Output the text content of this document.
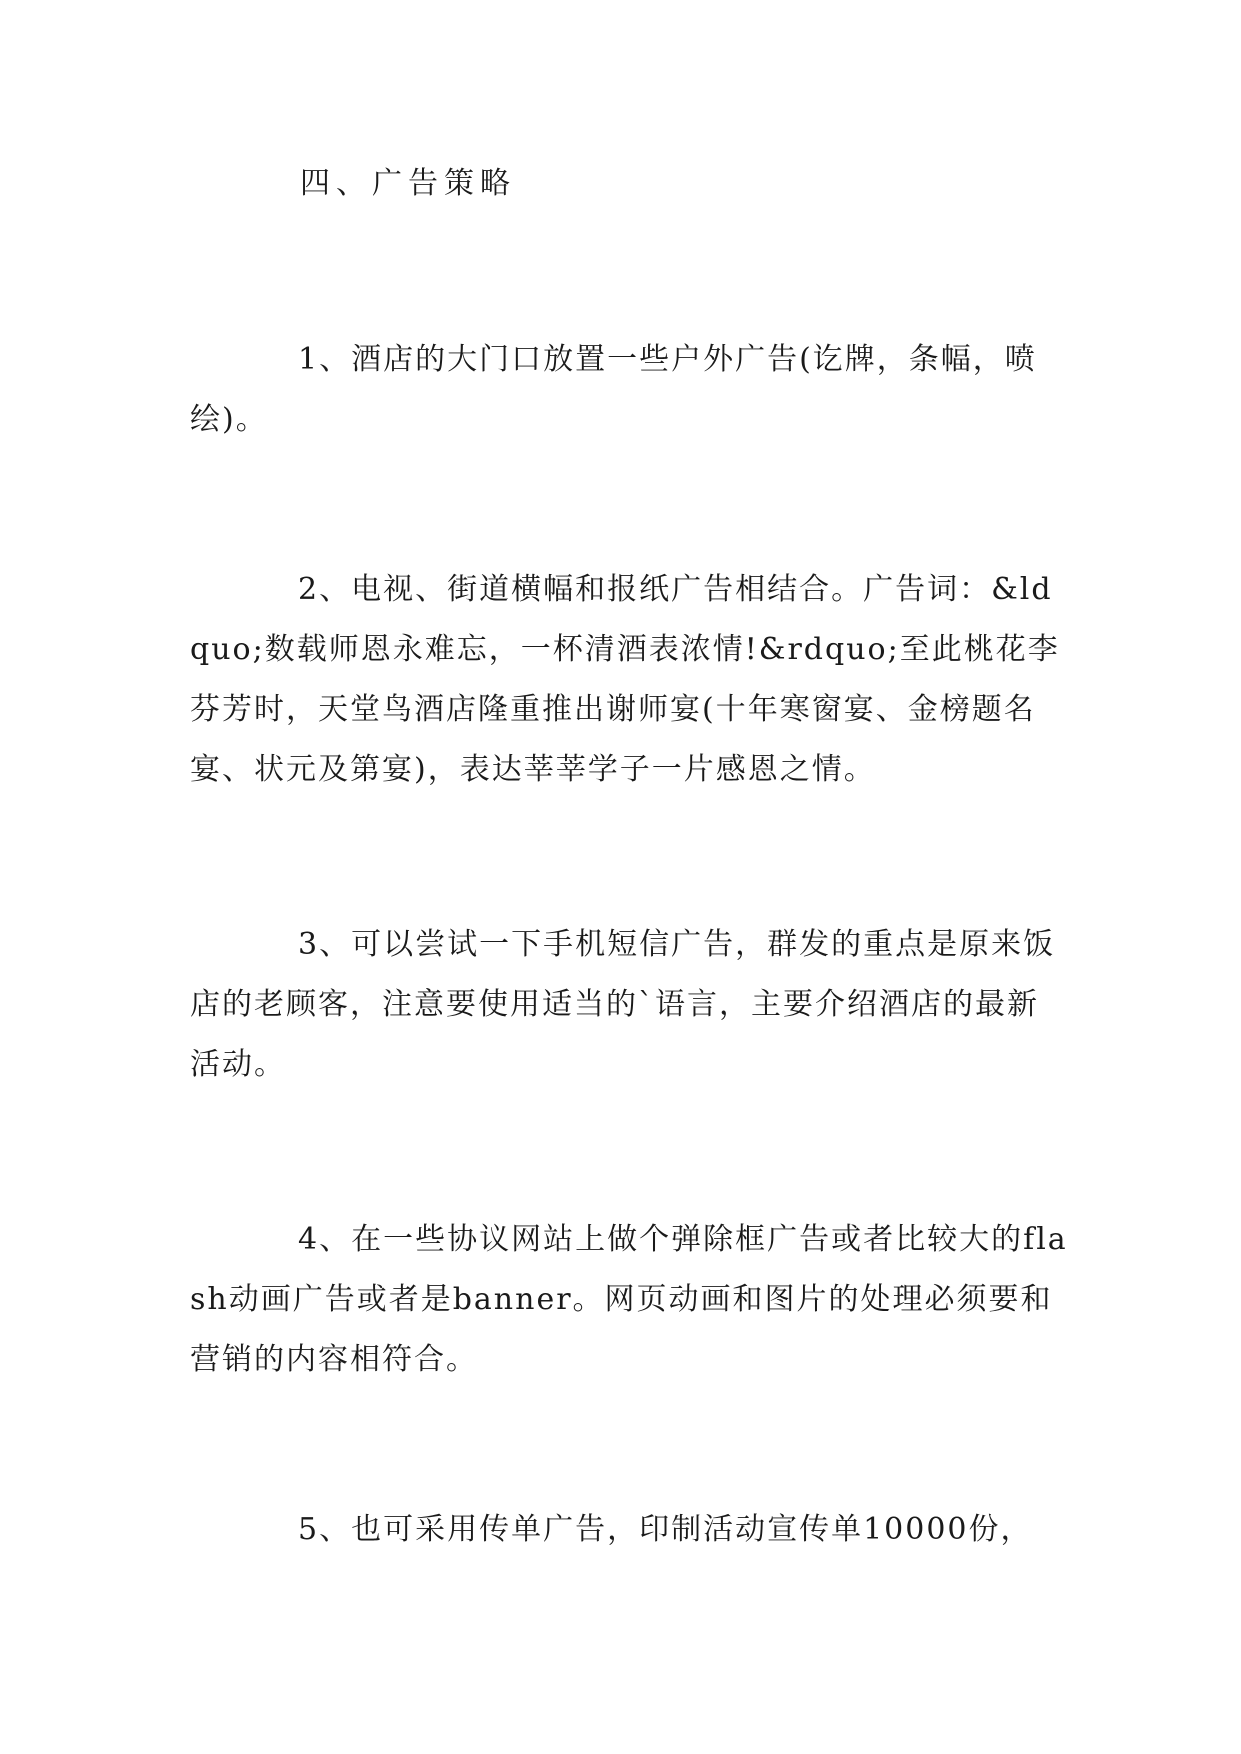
四、广告策略

1、酒店的大门口放置一些户外广告(讫牌，条幅，喷绘)。

2、电视、街道横幅和报纸广告相结合。广告词：&ldquo;数载师恩永难忘，一杯清酒表浓情!&rdquo;至此桃花李芬芳时，天堂鸟酒店隆重推出谢师宴(十年寒窗宴、金榜题名宴、状元及第宴)，表达莘莘学子一片感恩之情。

3、可以尝试一下手机短信广告，群发的重点是原来饭店的老顾客，注意要使用适当的`语言，主要介绍酒店的最新活动。

4、在一些协议网站上做个弹除框广告或者比较大的flash动画广告或者是banner。网页动画和图片的处理必须要和营销的内容相符合。

5、也可采用传单广告，印制活动宣传单10000份，
